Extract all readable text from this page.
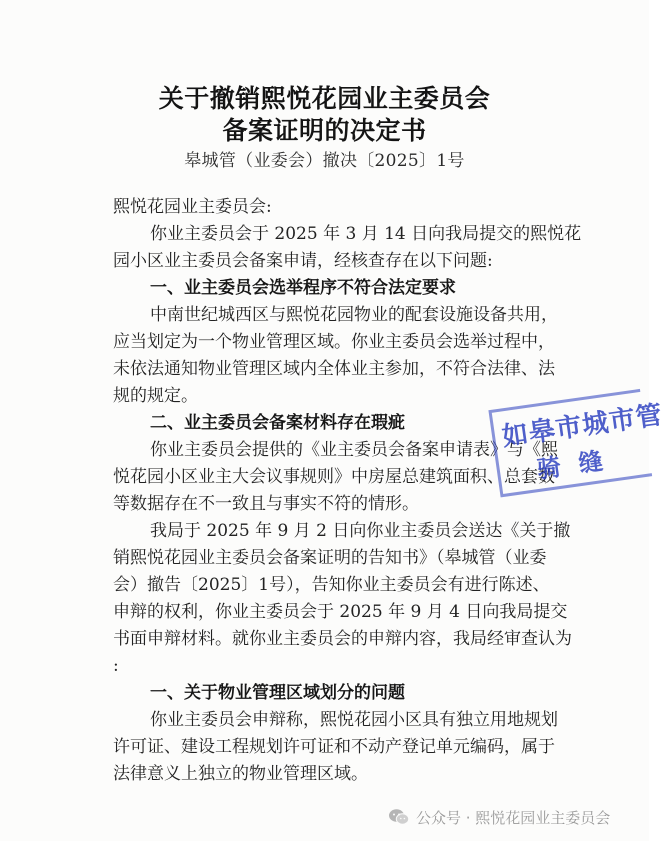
关于撤销熙悦花园业主委员会
备案证明的决定书
皋城管（业委会）撤决〔2025〕1号
熙悦花园业主委员会:
你业主委员会于 2025 年 3 月 14 日向我局提交的熙悦花
园小区业主委员会备案申请，经核查存在以下问题:
一、业主委员会选举程序不符合法定要求
中南世纪城西区与熙悦花园物业的配套设施设备共用，
应当划定为一个物业管理区域。你业主委员会选举过程中，
未依法通知物业管理区域内全体业主参加，不符合法律、法
规的规定。
二、业主委员会备案材料存在瑕疵
你业主委员会提供的《业主委员会备案申请表》与《熙
悦花园小区业主大会议事规则》中房屋总建筑面积、总套数
等数据存在不一致且与事实不符的情形。
我局于 2025 年 9 月 2 日向你业主委员会送达《关于撤
销熙悦花园业主委员会备案证明的告知书》（皋城管（业委
会）撤告〔2025〕1号），告知你业主委员会有进行陈述、
申辩的权利，你业主委员会于 2025 年 9 月 4 日向我局提交
书面申辩材料。就你业主委员会的申辩内容，我局经审查认为
:
一、关于物业管理区域划分的问题
你业主委员会申辩称，熙悦花园小区具有独立用地规划
许可证、建设工程规划许可证和不动产登记单元编码，属于
法律意义上独立的物业管理区域。
如皋市城市管
骑缝
公众号 · 熙悦花园业主委员会
